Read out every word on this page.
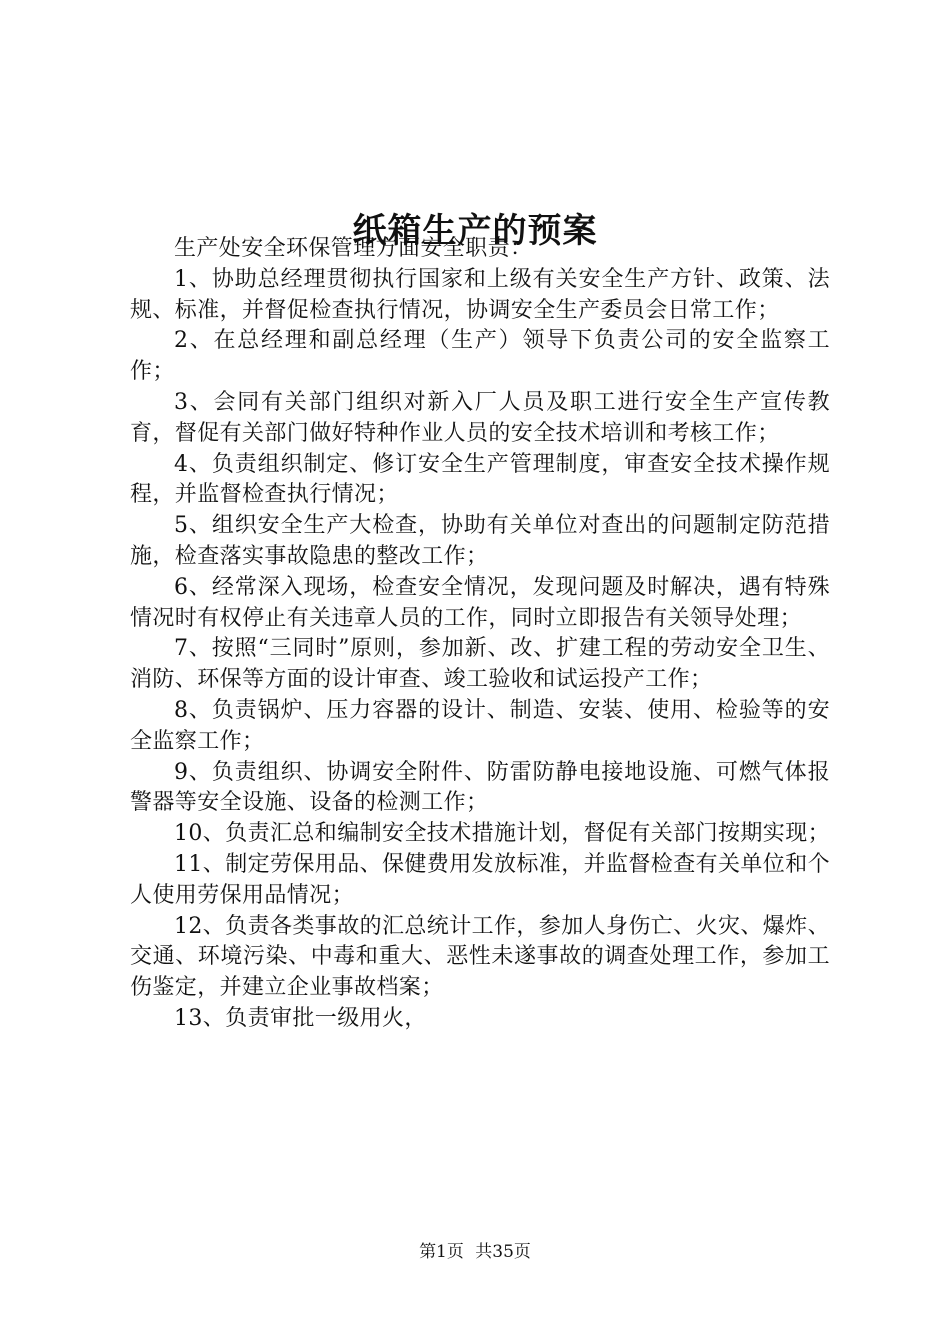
纸箱生产的预案

生产处安全环保管理方面安全职责：

1、协助总经理贯彻执行国家和上级有关安全生产方针、政策、法规、标准，并督促检查执行情况，协调安全生产委员会日常工作；

2、在总经理和副总经理（生产）领导下负责公司的安全监察工作；

3、会同有关部门组织对新入厂人员及职工进行安全生产宣传教育，督促有关部门做好特种作业人员的安全技术培训和考核工作；

4、负责组织制定、修订安全生产管理制度，审查安全技术操作规程，并监督检查执行情况；

5、组织安全生产大检查，协助有关单位对查出的问题制定防范措施，检查落实事故隐患的整改工作；

6、经常深入现场，检查安全情况，发现问题及时解决，遇有特殊情况时有权停止有关违章人员的工作，同时立即报告有关领导处理；

7、按照“三同时”原则，参加新、改、扩建工程的劳动安全卫生、消防、环保等方面的设计审查、竣工验收和试运投产工作；

8、负责锅炉、压力容器的设计、制造、安装、使用、检验等的安全监察工作；

9、负责组织、协调安全附件、防雷防静电接地设施、可燃气体报警器等安全设施、设备的检测工作；

10、负责汇总和编制安全技术措施计划，督促有关部门按期实现；

11、制定劳保用品、保健费用发放标准，并监督检查有关单位和个人使用劳保用品情况；

12、负责各类事故的汇总统计工作，参加人身伤亡、火灾、爆炸、交通、环境污染、中毒和重大、恶性未遂事故的调查处理工作，参加工伤鉴定，并建立企业事故档案；

13、负责审批一级用火，

第1页 共35页
